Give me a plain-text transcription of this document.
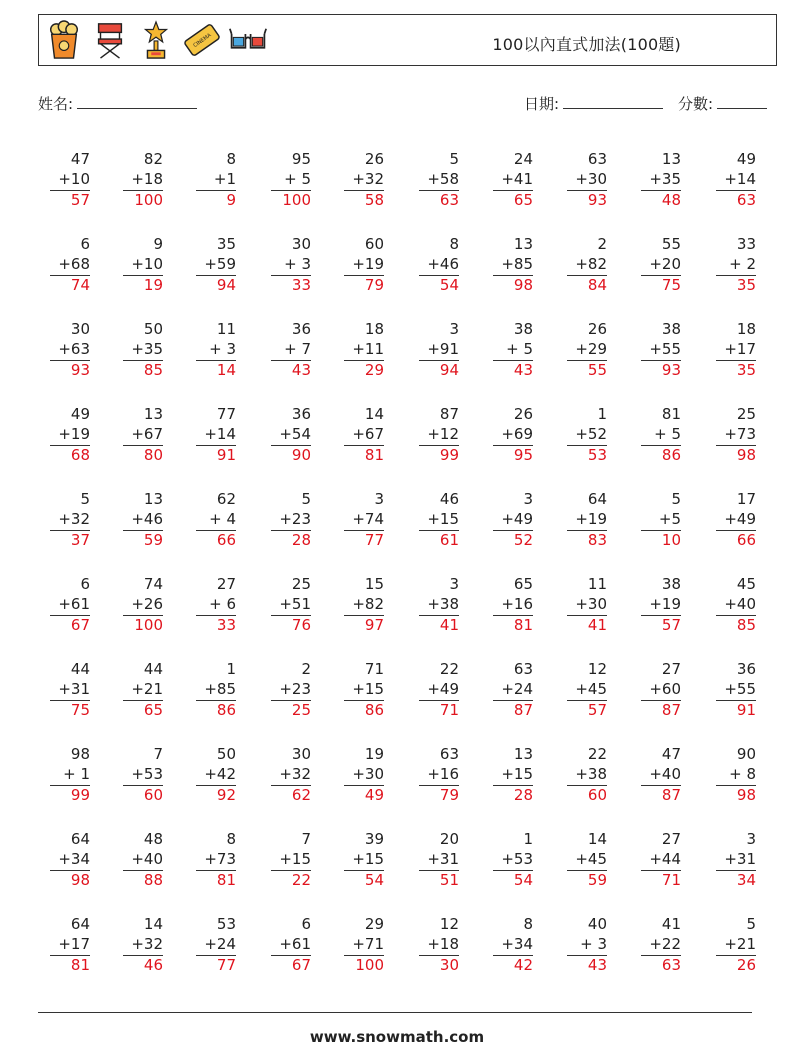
CINEMA	100以內直式加法(100題)
姓名:	日期:	分數:
47
+10
57
82
+18
100
8
+1
9
95
+ 5
100
26
+32
58
5
+58
63
24
+41
65
63
+30
93
13
+35
48
49
+14
63
6
+68
74
9
+10
19
35
+59
94
30
+ 3
33
60
+19
79
8
+46
54
13
+85
98
2
+82
84
55
+20
75
33
+ 2
35
30
+63
93
50
+35
85
11
+ 3
14
36
+ 7
43
18
+11
29
3
+91
94
38
+ 5
43
26
+29
55
38
+55
93
18
+17
35
49
+19
68
13
+67
80
77
+14
91
36
+54
90
14
+67
81
87
+12
99
26
+69
95
1
+52
53
81
+ 5
86
25
+73
98
5
+32
37
13
+46
59
62
+ 4
66
5
+23
28
3
+74
77
46
+15
61
3
+49
52
64
+19
83
5
+5
10
17
+49
66
6
+61
67
74
+26
100
27
+ 6
33
25
+51
76
15
+82
97
3
+38
41
65
+16
81
11
+30
41
38
+19
57
45
+40
85
44
+31
75
44
+21
65
1
+85
86
2
+23
25
71
+15
86
22
+49
71
63
+24
87
12
+45
57
27
+60
87
36
+55
91
98
+ 1
99
7
+53
60
50
+42
92
30
+32
62
19
+30
49
63
+16
79
13
+15
28
22
+38
60
47
+40
87
90
+ 8
98
64
+34
98
48
+40
88
8
+73
81
7
+15
22
39
+15
54
20
+31
51
1
+53
54
14
+45
59
27
+44
71
3
+31
34
64
+17
81
14
+32
46
53
+24
77
6
+61
67
29
+71
100
12
+18
30
8
+34
42
40
+ 3
43
41
+22
63
5
+21
26
www.snowmath.com
